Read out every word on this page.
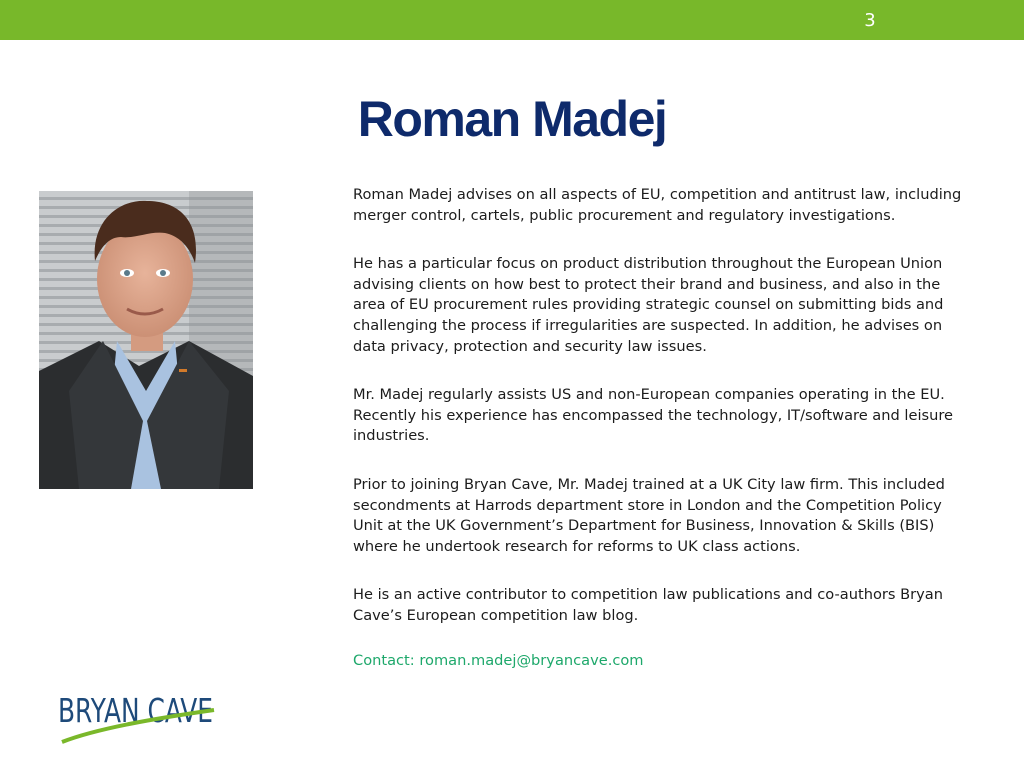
3
Roman Madej

Roman Madej advises on all aspects of EU, competition and antitrust law, including merger control, cartels, public procurement and regulatory investigations.

He has a particular focus on product distribution throughout the European Union advising clients on how best to protect their brand and business, and also in the area of EU procurement rules providing strategic counsel on submitting bids and challenging the process if irregularities are suspected. In addition, he advises on data privacy, protection and security law issues.

Mr. Madej regularly assists US and non-European companies operating in the EU. Recently his experience has encompassed the technology, IT/software and leisure industries.

Prior to joining Bryan Cave, Mr. Madej trained at a UK City law firm. This included secondments at Harrods department store in London and the Competition Policy Unit at the UK Government’s Department for Business, Innovation & Skills (BIS) where he undertook research for reforms to UK class actions.

He is an active contributor to competition law publications and co-authors Bryan Cave’s European competition law blog.

Contact: roman.madej@bryancave.com
BRYAN CAVE
